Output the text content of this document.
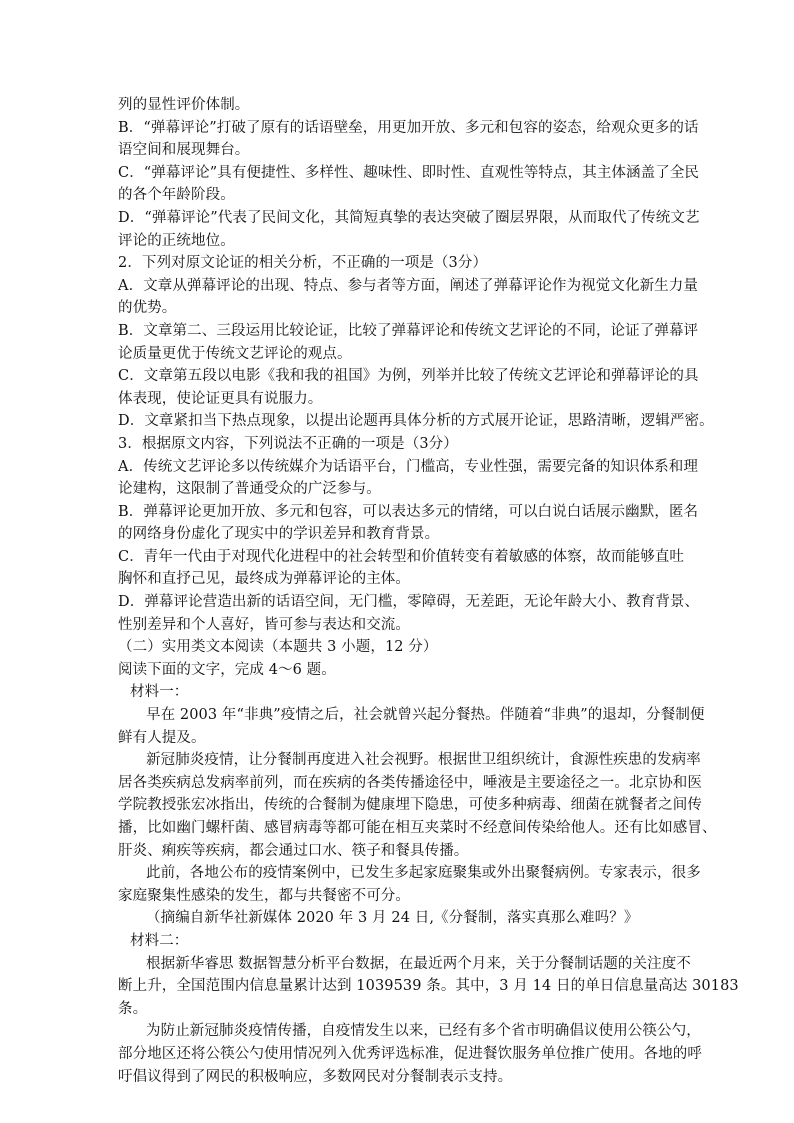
列的显性评价体制。
B．“弹幕评论”打破了原有的话语壁垒，用更加开放、多元和包容的姿态，给观众更多的话
语空间和展现舞台。
C．“弹幕评论”具有便捷性、多样性、趣味性、即时性、直观性等特点，其主体涵盖了全民
的各个年龄阶段。
D．“弹幕评论”代表了民间文化，其简短真挚的表达突破了圈层界限，从而取代了传统文艺
评论的正统地位。
2．下列对原文论证的相关分析，不正确的一项是（3分）
A．文章从弹幕评论的出现、特点、参与者等方面，阐述了弹幕评论作为视觉文化新生力量
的优势。
B．文章第二、三段运用比较论证，比较了弹幕评论和传统文艺评论的不同，论证了弹幕评
论质量更优于传统文艺评论的观点。
C．文章第五段以电影《我和我的祖国》为例，列举并比较了传统文艺评论和弹幕评论的具
体表现，使论证更具有说服力。
D．文章紧扣当下热点现象，以提出论题再具体分析的方式展开论证，思路清晰，逻辑严密。
3．根据原文内容，下列说法不正确的一项是（3分）
A．传统文艺评论多以传统媒介为话语平台，门槛高，专业性强，需要完备的知识体系和理
论建构，这限制了普通受众的广泛参与。
B．弹幕评论更加开放、多元和包容，可以表达多元的情绪，可以白说白话展示幽默，匿名
的网络身份虚化了现实中的学识差异和教育背景。
C．青年一代由于对现代化进程中的社会转型和价值转变有着敏感的体察，故而能够直吐
胸怀和直抒己见，最终成为弹幕评论的主体。
D．弹幕评论营造出新的话语空间，无门槛，零障碍，无差距，无论年龄大小、教育背景、
性别差异和个人喜好，皆可参与表达和交流。
（二）实用类文本阅读（本题共 3 小题，12 分）
阅读下面的文字，完成 4～6 题。
材料一：
早在 2003 年“非典”疫情之后，社会就曾兴起分餐热。伴随着“非典”的退却，分餐制便
鲜有人提及。
新冠肺炎疫情，让分餐制再度进入社会视野。根据世卫组织统计，食源性疾患的发病率
居各类疾病总发病率前列，而在疾病的各类传播途径中，唾液是主要途径之一。北京协和医
学院教授张宏冰指出，传统的合餐制为健康埋下隐患，可使多种病毒、细菌在就餐者之间传
播，比如幽门螺杆菌、感冒病毒等都可能在相互夹菜时不经意间传染给他人。还有比如感冒、
肝炎、痢疾等疾病，都会通过口水、筷子和餐具传播。
此前，各地公布的疫情案例中，已发生多起家庭聚集或外出聚餐病例。专家表示，很多
家庭聚集性感染的发生，都与共餐密不可分。
（摘编自新华社新媒体 2020 年 3 月 24 日,《分餐制，落实真那么难吗？》
材料二：
根据新华睿思 数据智慧分析平台数据，在最近两个月来，关于分餐制话题的关注度不
断上升，全国范围内信息量累计达到 1039539 条。其中，3 月 14 日的单日信息量高达 30183
条。
为防止新冠肺炎疫情传播，自疫情发生以来，已经有多个省市明确倡议使用公筷公勺，
部分地区还将公筷公勺使用情况列入优秀评选标准，促进餐饮服务单位推广使用。各地的呼
吁倡议得到了网民的积极响应，多数网民对分餐制表示支持。
